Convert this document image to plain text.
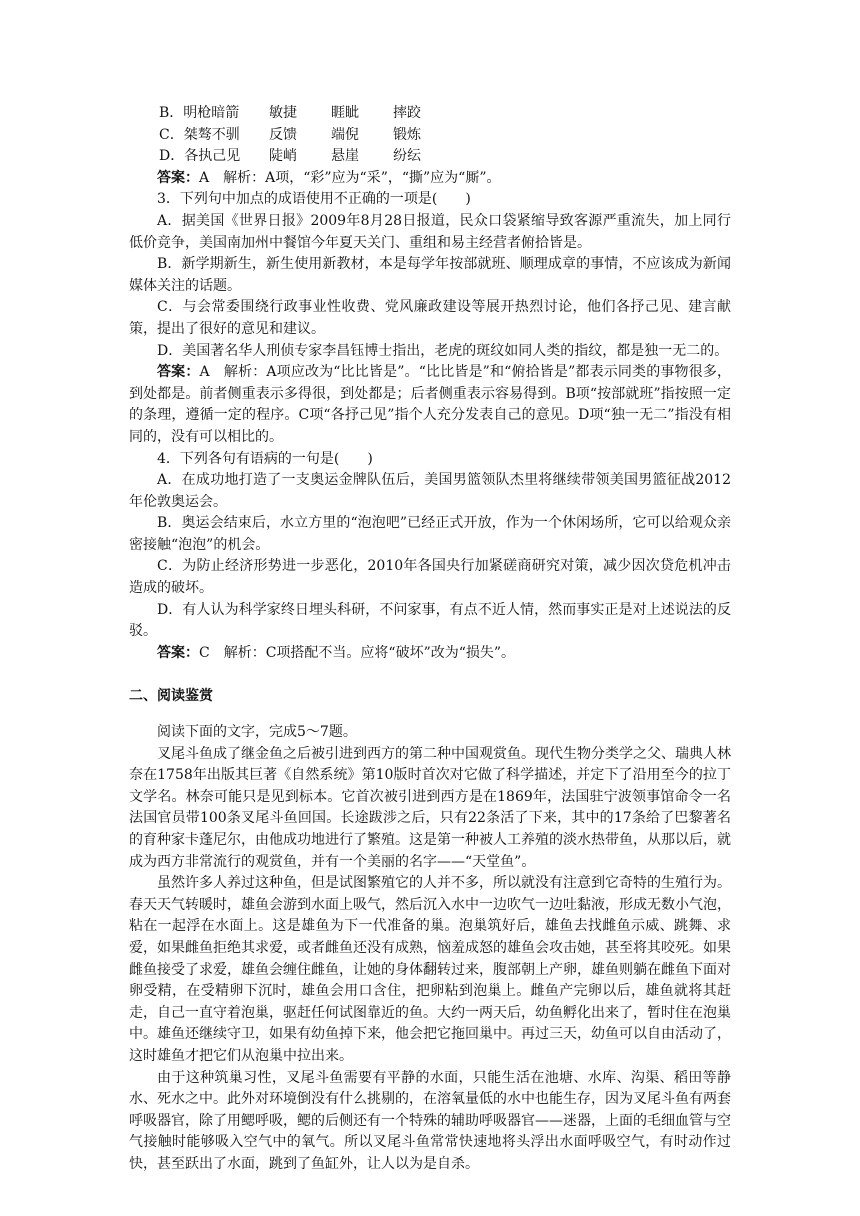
B．明枪暗箭	敏捷	睚眦	摔跤
C．桀骜不驯	反馈	端倪	锻炼
D．各执己见	陡峭	悬崖	纷纭

答案：A　解析：A项，“彩”应为“采”，“撕”应为“厮”。

3．下列句中加点的成语使用不正确的一项是(　　)

A．据美国《世界日报》2009年8月28日报道，民众口袋紧缩导致客源严重流失，加上同行低价竞争，美国南加州中餐馆今年夏天关门、重组和易主经营者俯拾皆是。

B．新学期新生，新生使用新教材，本是每学年按部就班、顺理成章的事情，不应该成为新闻媒体关注的话题。

C．与会常委围绕行政事业性收费、党风廉政建设等展开热烈讨论，他们各抒己见、建言献策，提出了很好的意见和建议。

D．美国著名华人刑侦专家李昌钰博士指出，老虎的斑纹如同人类的指纹，都是独一无二的。

答案：A　解析：A项应改为“比比皆是”。“比比皆是”和“俯拾皆是”都表示同类的事物很多，到处都是。前者侧重表示多得很，到处都是；后者侧重表示容易得到。B项“按部就班”指按照一定的条理，遵循一定的程序。C项“各抒己见”指个人充分发表自己的意见。D项“独一无二”指没有相同的，没有可以相比的。

4．下列各句有语病的一句是(　　)

A．在成功地打造了一支奥运金牌队伍后，美国男篮领队杰里将继续带领美国男篮征战2012年伦敦奥运会。

B．奥运会结束后，水立方里的“泡泡吧”已经正式开放，作为一个休闲场所，它可以给观众亲密接触“泡泡”的机会。

C．为防止经济形势进一步恶化，2010年各国央行加紧磋商研究对策，减少因次贷危机冲击造成的破坏。

D．有人认为科学家终日埋头科研，不问家事，有点不近人情，然而事实正是对上述说法的反驳。

答案：C　解析：C项搭配不当。应将“破坏”改为“损失”。

二、阅读鉴赏

阅读下面的文字，完成5～7题。

叉尾斗鱼成了继金鱼之后被引进到西方的第二种中国观赏鱼。现代生物分类学之父、瑞典人林奈在1758年出版其巨著《自然系统》第10版时首次对它做了科学描述，并定下了沿用至今的拉丁文学名。林奈可能只是见到标本。它首次被引进到西方是在1869年，法国驻宁波领事馆命令一名法国官员带100条叉尾斗鱼回国。长途跋涉之后，只有22条活了下来，其中的17条给了巴黎著名的育种家卡蓬尼尔，由他成功地进行了繁殖。这是第一种被人工养殖的淡水热带鱼，从那以后，就成为西方非常流行的观赏鱼，并有一个美丽的名字——“天堂鱼”。

虽然许多人养过这种鱼，但是试图繁殖它的人并不多，所以就没有注意到它奇特的生殖行为。春天天气转暖时，雄鱼会游到水面上吸气，然后沉入水中一边吹气一边吐黏液，形成无数小气泡，粘在一起浮在水面上。这是雄鱼为下一代准备的巢。泡巢筑好后，雄鱼去找雌鱼示威、跳舞、求爱，如果雌鱼拒绝其求爱，或者雌鱼还没有成熟，恼羞成怒的雄鱼会攻击她，甚至将其咬死。如果雌鱼接受了求爱，雄鱼会缠住雌鱼，让她的身体翻转过来，腹部朝上产卵，雄鱼则躺在雌鱼下面对卵受精，在受精卵下沉时，雄鱼会用口含住，把卵粘到泡巢上。雌鱼产完卵以后，雄鱼就将其赶走，自己一直守着泡巢，驱赶任何试图靠近的鱼。大约一两天后，幼鱼孵化出来了，暂时住在泡巢中。雄鱼还继续守卫，如果有幼鱼掉下来，他会把它拖回巢中。再过三天，幼鱼可以自由活动了，这时雄鱼才把它们从泡巢中拉出来。

由于这种筑巢习性，叉尾斗鱼需要有平静的水面，只能生活在池塘、水库、沟渠、稻田等静水、死水之中。此外对环境倒没有什么挑剔的，在溶氧量低的水中也能生存，因为叉尾斗鱼有两套呼吸器官，除了用鳃呼吸，鳃的后侧还有一个特殊的辅助呼吸器官——迷器，上面的毛细血管与空气接触时能够吸入空气中的氧气。所以叉尾斗鱼常常快速地将头浮出水面呼吸空气，有时动作过快，甚至跃出了水面，跳到了鱼缸外，让人以为是自杀。
